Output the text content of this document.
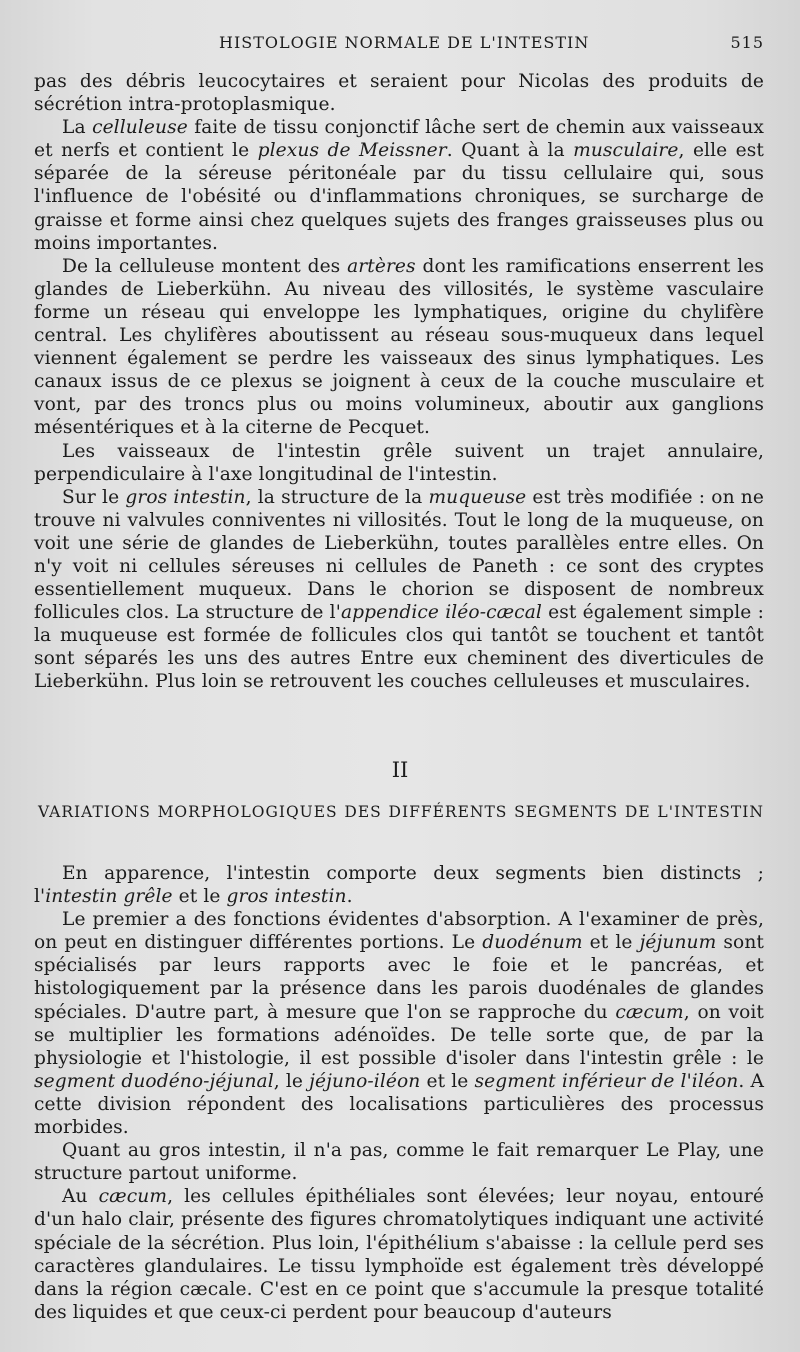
HISTOLOGIE NORMALE DE L'INTESTIN	515

pas des débris leucocytaires et seraient pour Nicolas des produits de sécrétion intra-protoplasmique.

La celluleuse faite de tissu conjonctif lâche sert de chemin aux vaisseaux et nerfs et contient le plexus de Meissner. Quant à la musculaire, elle est séparée de la séreuse péritonéale par du tissu cellulaire qui, sous l'influence de l'obésité ou d'inflammations chroniques, se surcharge de graisse et forme ainsi chez quelques sujets des franges graisseuses plus ou moins importantes.

De la celluleuse montent des artères dont les ramifications enserrent les glandes de Lieberkühn. Au niveau des villosités, le système vasculaire forme un réseau qui enveloppe les lymphatiques, origine du chylifère central. Les chylifères aboutissent au réseau sous-muqueux dans lequel viennent également se perdre les vaisseaux des sinus lymphatiques. Les canaux issus de ce plexus se joignent à ceux de la couche musculaire et vont, par des troncs plus ou moins volumineux, aboutir aux ganglions mésentériques et à la citerne de Pecquet.

Les vaisseaux de l'intestin grêle suivent un trajet annulaire, perpendiculaire à l'axe longitudinal de l'intestin.

Sur le gros intestin, la structure de la muqueuse est très modifiée : on ne trouve ni valvules conniventes ni villosités. Tout le long de la muqueuse, on voit une série de glandes de Lieberkühn, toutes parallèles entre elles. On n'y voit ni cellules séreuses ni cellules de Paneth : ce sont des cryptes essentiellement muqueux. Dans le chorion se disposent de nombreux follicules clos. La structure de l'appendice iléo-cæcal est également simple : la muqueuse est formée de follicules clos qui tantôt se touchent et tantôt sont séparés les uns des autres Entre eux cheminent des diverticules de Lieberkühn. Plus loin se retrouvent les couches celluleuses et musculaires.

II
VARIATIONS MORPHOLOGIQUES DES DIFFÉRENTS SEGMENTS DE L'INTESTIN

En apparence, l'intestin comporte deux segments bien distincts ; l'intestin grêle et le gros intestin.

Le premier a des fonctions évidentes d'absorption. A l'examiner de près, on peut en distinguer différentes portions. Le duodénum et le jéjunum sont spécialisés par leurs rapports avec le foie et le pancréas, et histologiquement par la présence dans les parois duodénales de glandes spéciales. D'autre part, à mesure que l'on se rapproche du cæcum, on voit se multiplier les formations adénoïdes. De telle sorte que, de par la physiologie et l'histologie, il est possible d'isoler dans l'intestin grêle : le segment duodéno-jéjunal, le jéjuno-iléon et le segment inférieur de l'iléon. A cette division répondent des localisations particulières des processus morbides.

Quant au gros intestin, il n'a pas, comme le fait remarquer Le Play, une structure partout uniforme.

Au cæcum, les cellules épithéliales sont élevées; leur noyau, entouré d'un halo clair, présente des figures chromatolytiques indiquant une activité spéciale de la sécrétion. Plus loin, l'épithélium s'abaisse : la cellule perd ses caractères glandulaires. Le tissu lymphoïde est également très développé dans la région cæcale. C'est en ce point que s'accumule la presque totalité des liquides et que ceux-ci perdent pour beaucoup d'auteurs
